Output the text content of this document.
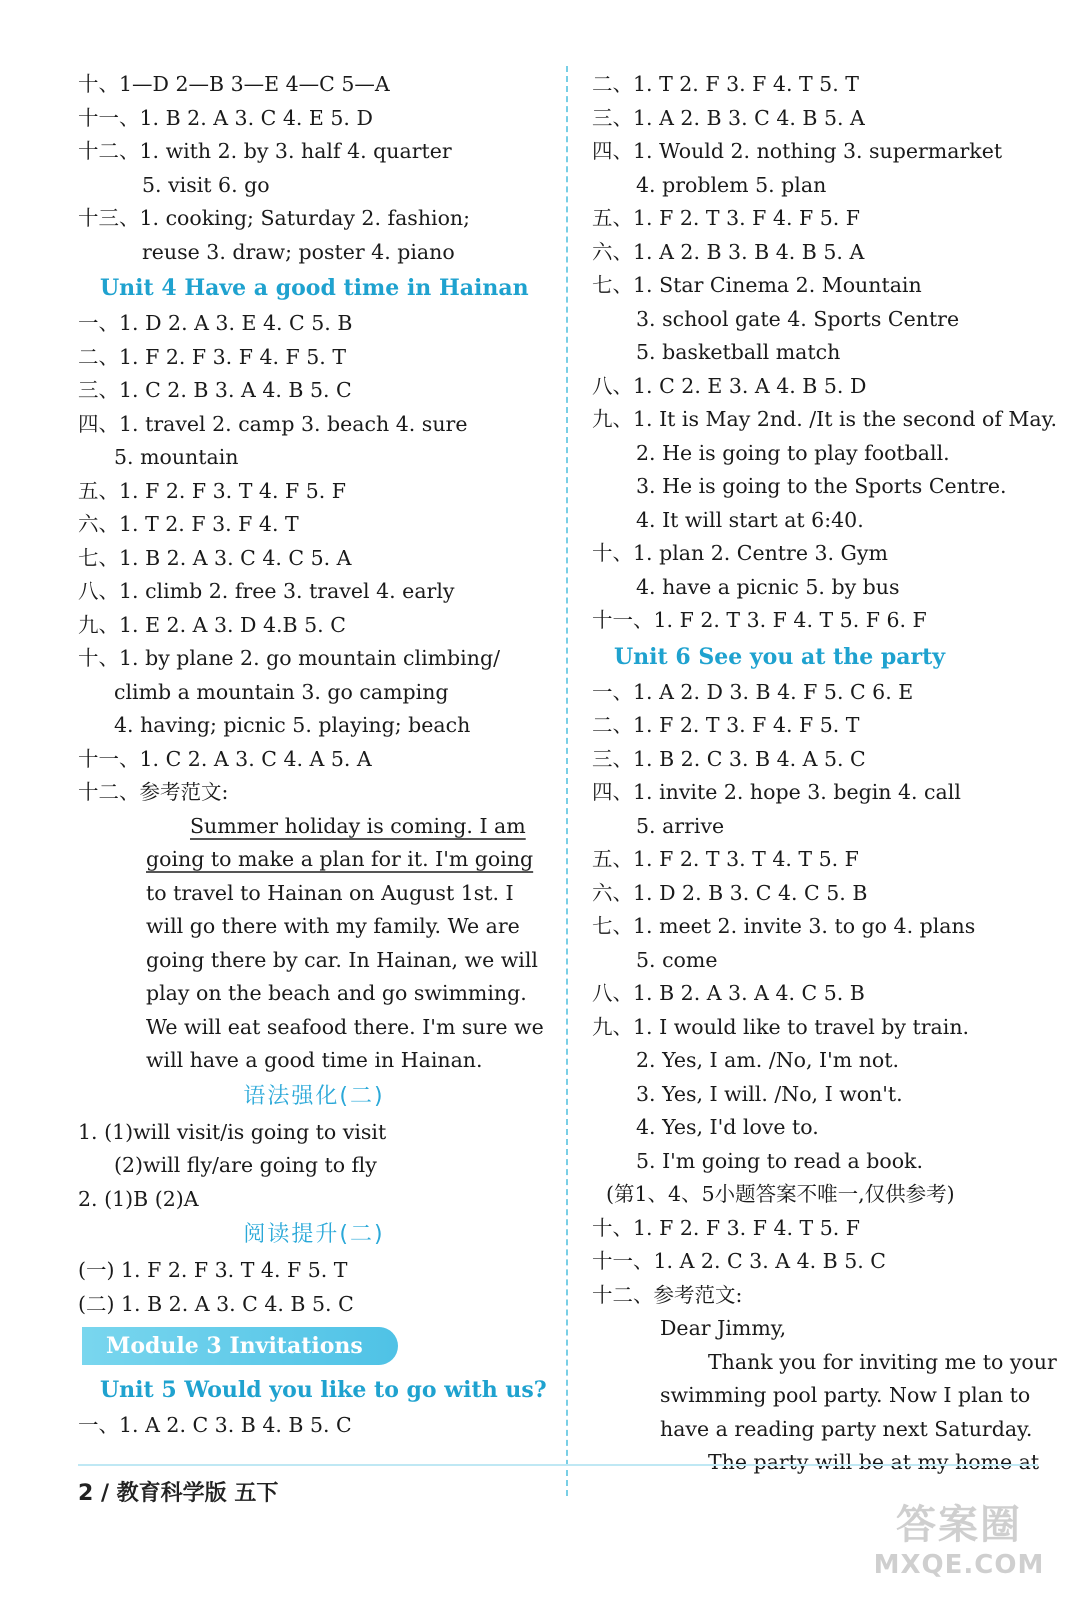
十、1—D 2—B 3—E 4—C 5—A
十一、1. B 2. A 3. C 4. E 5. D
十二、1. with 2. by 3. half 4. quarter
5. visit 6. go
十三、1. cooking; Saturday 2. fashion;
reuse 3. draw; poster 4. piano
Unit 4 Have a good time in Hainan
一、1. D 2. A 3. E 4. C 5. B
二、1. F 2. F 3. F 4. F 5. T
三、1. C 2. B 3. A 4. B 5. C
四、1. travel 2. camp 3. beach 4. sure
5. mountain
五、1. F 2. F 3. T 4. F 5. F
六、1. T 2. F 3. F 4. T
七、1. B 2. A 3. C 4. C 5. A
八、1. climb 2. free 3. travel 4. early
九、1. E 2. A 3. D 4.B 5. C
十、1. by plane 2. go mountain climbing/
climb a mountain 3. go camping
4. having; picnic 5. playing; beach
十一、1. C 2. A 3. C 4. A 5. A
十二、参考范文:
Summer holiday is coming. I am
going to make a plan for it. I'm going
to travel to Hainan on August 1st. I
will go there with my family. We are
going there by car. In Hainan, we will
play on the beach and go swimming.
We will eat seafood there. I'm sure we
will have a good time in Hainan.
语法强化(二)
1. (1)will visit/is going to visit
(2)will fly/are going to fly
2. (1)B (2)A
阅读提升(二)
(一) 1. F 2. F 3. T 4. F 5. T
(二) 1. B 2. A 3. C 4. B 5. C
Module 3 Invitations
Unit 5 Would you like to go with us?
一、1. A 2. C 3. B 4. B 5. C
二、1. T 2. F 3. F 4. T 5. T
三、1. A 2. B 3. C 4. B 5. A
四、1. Would 2. nothing 3. supermarket
4. problem 5. plan
五、1. F 2. T 3. F 4. F 5. F
六、1. A 2. B 3. B 4. B 5. A
七、1. Star Cinema 2. Mountain
3. school gate 4. Sports Centre
5. basketball match
八、1. C 2. E 3. A 4. B 5. D
九、1. It is May 2nd. /It is the second of May.
2. He is going to play football.
3. He is going to the Sports Centre.
4. It will start at 6:40.
十、1. plan 2. Centre 3. Gym
4. have a picnic 5. by bus
十一、1. F 2. T 3. F 4. T 5. F 6. F
Unit 6 See you at the party
一、1. A 2. D 3. B 4. F 5. C 6. E
二、1. F 2. T 3. F 4. F 5. T
三、1. B 2. C 3. B 4. A 5. C
四、1. invite 2. hope 3. begin 4. call
5. arrive
五、1. F 2. T 3. T 4. T 5. F
六、1. D 2. B 3. C 4. C 5. B
七、1. meet 2. invite 3. to go 4. plans
5. come
八、1. B 2. A 3. A 4. C 5. B
九、1. I would like to travel by train.
2. Yes, I am. /No, I'm not.
3. Yes, I will. /No, I won't.
4. Yes, I'd love to.
5. I'm going to read a book.
(第1、4、5小题答案不唯一,仅供参考)
十、1. F 2. F 3. F 4. T 5. F
十一、1. A 2. C 3. A 4. B 5. C
十二、参考范文:
Dear Jimmy,
Thank you for inviting me to your
swimming pool party. Now I plan to
have a reading party next Saturday.
The party will be at my home at
2 / 教育科学版 五下
答案圈
MXQE.COM
